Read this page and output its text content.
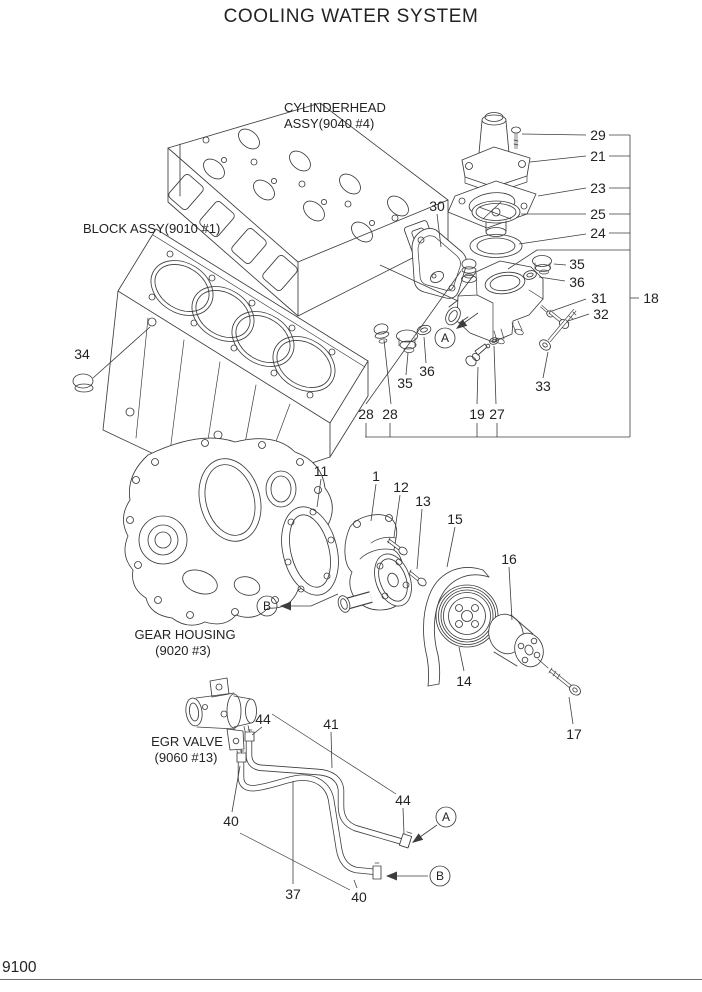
COOLING WATER SYSTEM
A
B
A
B
CYLINDERHEAD
ASSY(9040 #4)
BLOCK ASSY(9010 #1)
GEAR HOUSING
(9020 #3)
EGR VALVE
(9060 #13)
29
21
23
25
24
35
36
31
32
18
30
34
35
36
33
28 28	19 27
11	1
12
13
15
16
14
17
44	41
44
40
37	40
9100
